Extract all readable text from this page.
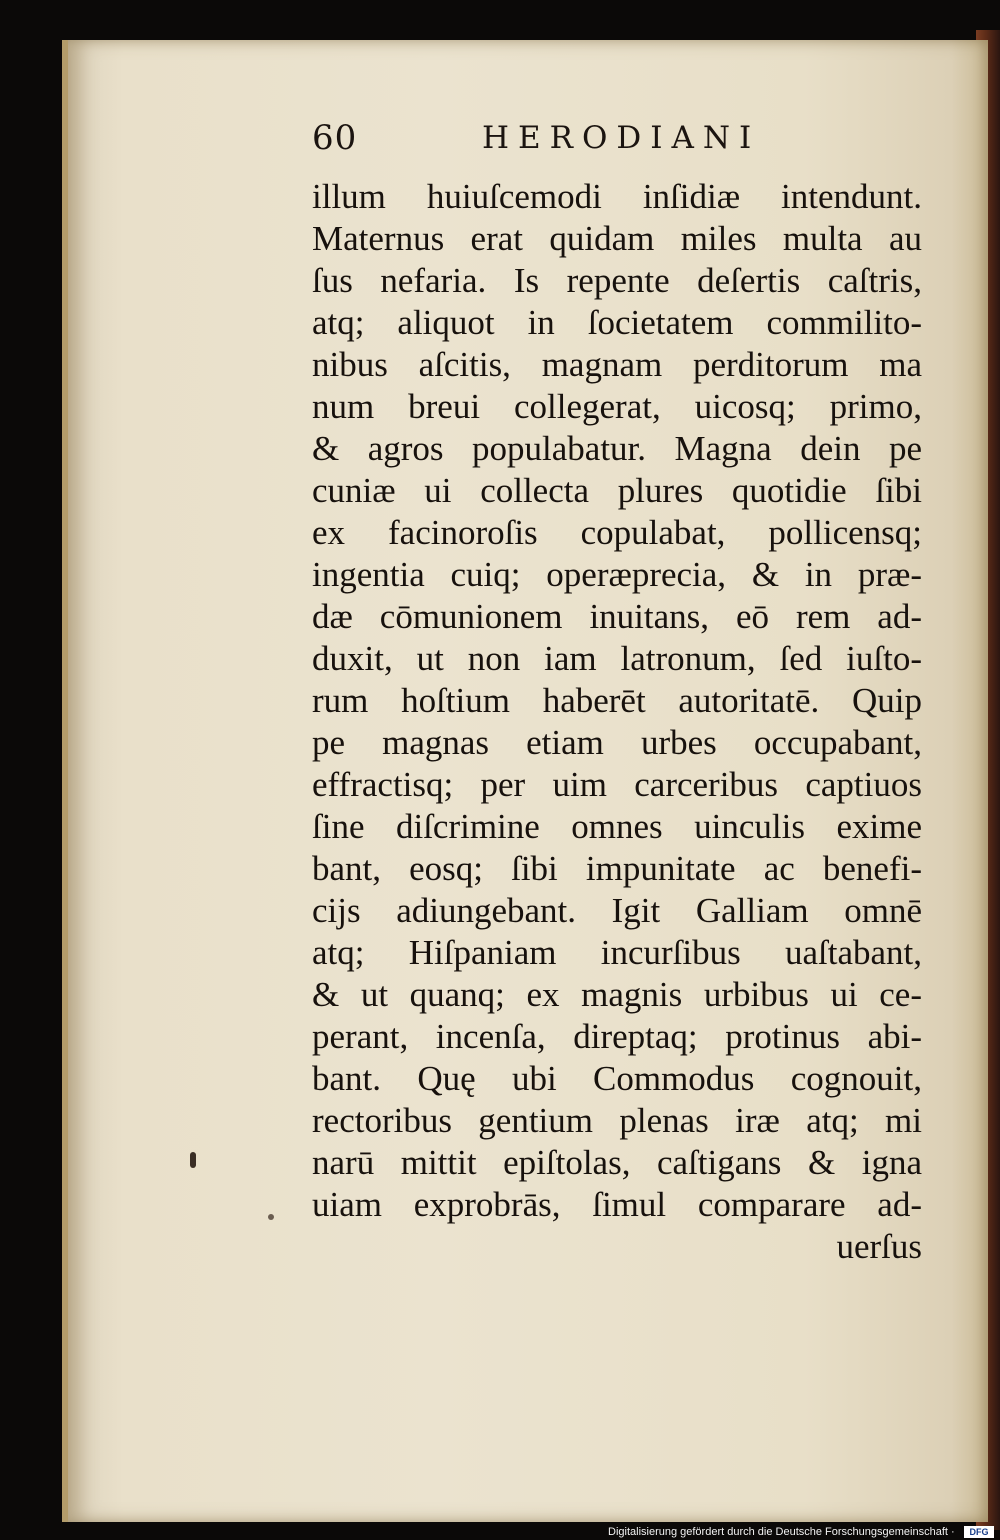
60	HERODIANI
illum huiuſcemodi inſidiæ intendunt.
Maternus erat quidam miles multa au
ſus nefaria. Is repente deſertis caſtris,
atq; aliquot in ſocietatem commilito-
nibus aſcitis, magnam perditorum ma
num breui collegerat, uicosq; primo,
& agros populabatur. Magna dein pe
cuniæ ui collecta plures quotidie ſibi
ex facinoroſis copulabat, pollicensq;
ingentia cuiq; operæprecia, & in præ-
dæ cōmunionem inuitans, eō rem ad-
duxit, ut non iam latronum, ſed iuſto-
rum hoſtium haberēt autoritatē. Quip
pe magnas etiam urbes occupabant,
effractisq; per uim carceribus captiuos
ſine diſcrimine omnes uinculis exime
bant, eosq; ſibi impunitate ac benefi-
cijs adiungebant. Igit Galliam omnē
atq; Hiſpaniam incurſibus uaſtabant,
& ut quanq; ex magnis urbibus ui ce-
perant, incenſa, direptaq; protinus abi-
bant. Quę ubi Commodus cognouit,
rectoribus gentium plenas iræ atq; mi
narū mittit epiſtolas, caſtigans & igna
uiam exprobrās, ſimul comparare ad-
uerſus
Digitalisierung gefördert durch die Deutsche Forschungsgemeinschaft ·	DFG
